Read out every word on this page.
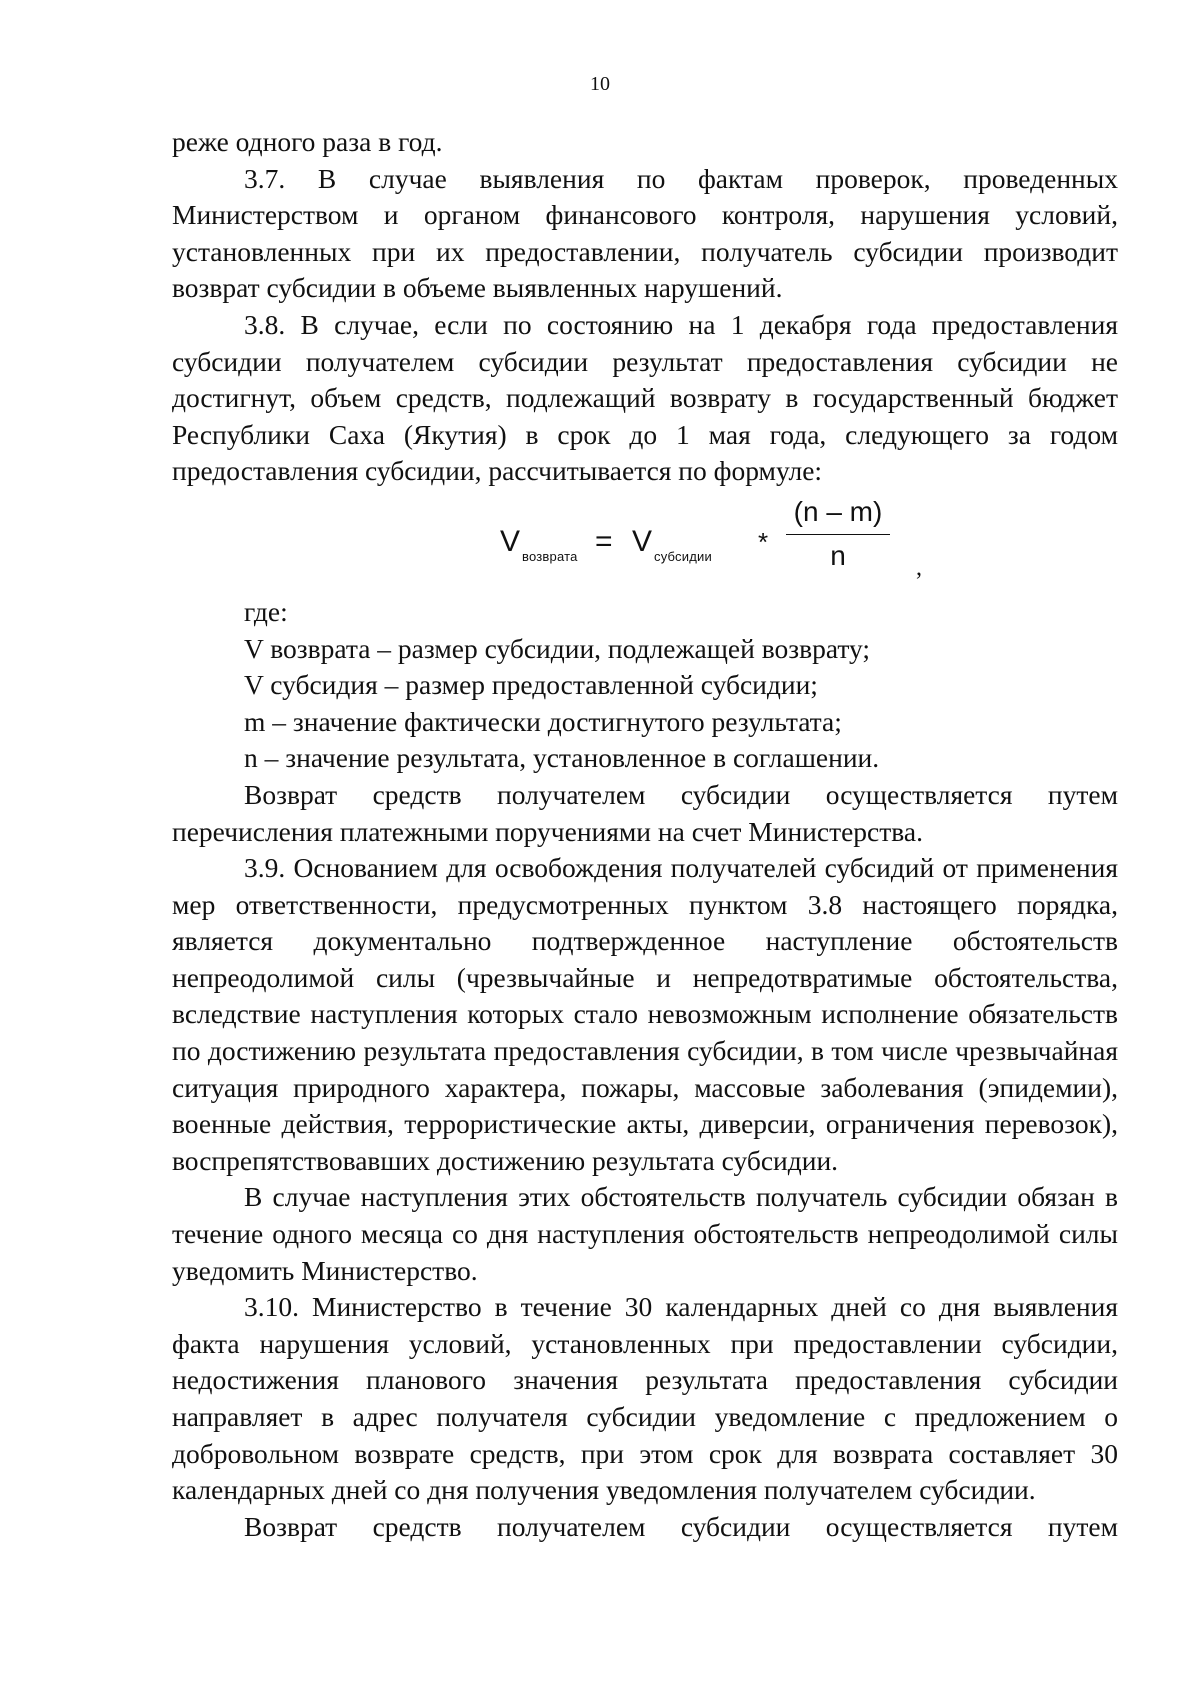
10

реже одного раза в год.

3.7. В случае выявления по фактам проверок, проведенных Министерством и органом финансового контроля, нарушения условий, установленных при их предоставлении, получатель субсидии производит возврат субсидии в объеме выявленных нарушений.

3.8. В случае, если по состоянию на 1 декабря года предоставления субсидии получателем субсидии результат предоставления субсидии не достигнут, объем средств, подлежащий возврату в государственный бюджет Республики Саха (Якутия) в срок до 1 мая года, следующего за годом предоставления субсидии, рассчитывается по формуле:

V возврата = V субсидии *
(n – m)
n	,

где:

V возврата – размер субсидии, подлежащей возврату;

V субсидия – размер предоставленной субсидии;

m – значение фактически достигнутого результата;

n – значение результата, установленное в соглашении.

Возврат средств получателем субсидии осуществляется путем перечисления платежными поручениями на счет Министерства.

3.9. Основанием для освобождения получателей субсидий от применения мер ответственности, предусмотренных пунктом 3.8 настоящего порядка, является документально подтвержденное наступление обстоятельств непреодолимой силы (чрезвычайные и непредотвратимые обстоятельства, вследствие наступления которых стало невозможным исполнение обязательств по достижению результата предоставления субсидии, в том числе чрезвычайная ситуация природного характера, пожары, массовые заболевания (эпидемии), военные действия, террористические акты, диверсии, ограничения перевозок), воспрепятствовавших достижению результата субсидии.

В случае наступления этих обстоятельств получатель субсидии обязан в течение одного месяца со дня наступления обстоятельств непреодолимой силы уведомить Министерство.

3.10. Министерство в течение 30 календарных дней со дня выявления факта нарушения условий, установленных при предоставлении субсидии, недостижения планового значения результата предоставления субсидии направляет в адрес получателя субсидии уведомление с предложением о добровольном возврате средств, при этом срок для возврата составляет 30 календарных дней со дня получения уведомления получателем субсидии.

Возврат средств получателем субсидии осуществляется путем
